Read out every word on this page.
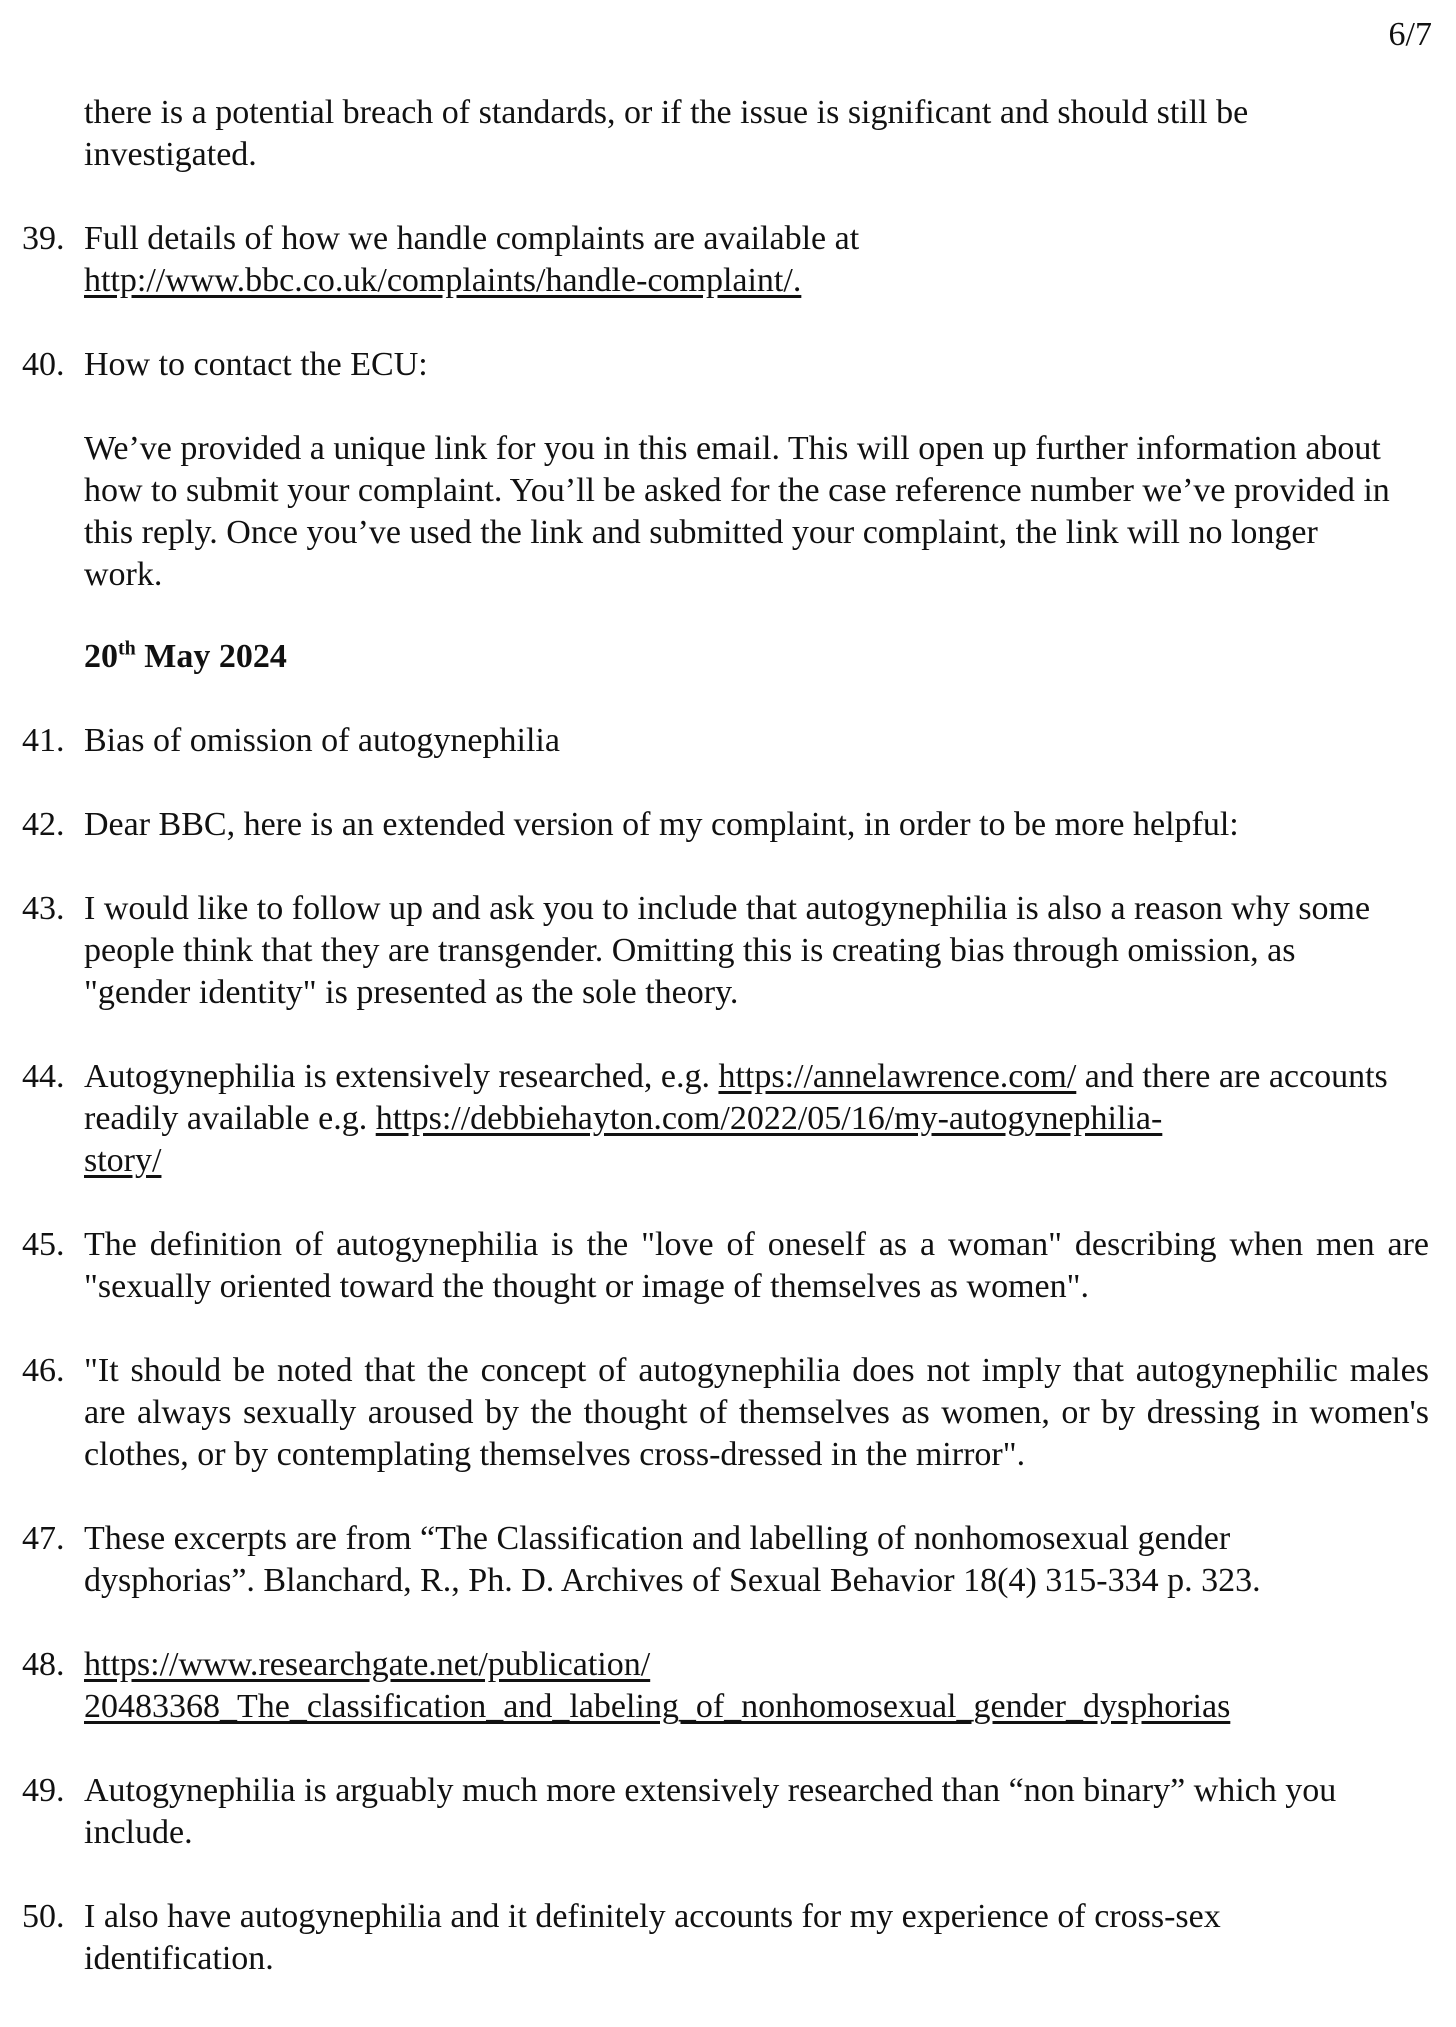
6/7
there is a potential breach of standards, or if the issue is significant and should still be investigated.
39. Full details of how we handle complaints are available at
http://www.bbc.co.uk/complaints/handle-complaint/.
40. How to contact the ECU:
We’ve provided a unique link for you in this email. This will open up further information about how to submit your complaint. You’ll be asked for the case reference number we’ve provided in this reply. Once you’ve used the link and submitted your complaint, the link will no longer work.
20th May 2024
41. Bias of omission of autogynephilia
42. Dear BBC, here is an extended version of my complaint, in order to be more helpful:
43. I would like to follow up and ask you to include that autogynephilia is also a reason why some people think that they are transgender. Omitting this is creating bias through omission, as "gender identity" is presented as the sole theory.
44. Autogynephilia is extensively researched, e.g. https://annelawrence.com/ and there are accounts readily available e.g. https://debbiehayton.com/2022/05/16/my-autogynephilia-
story/
45. The definition of autogynephilia is the "love of oneself as a woman" describing when men are "sexually oriented toward the thought or image of themselves as women".
46. "It should be noted that the concept of autogynephilia does not imply that autogynephilic males are always sexually aroused by the thought of themselves as women, or by dressing in women's clothes, or by contemplating themselves cross-dressed in the mirror".
47. These excerpts are from “The Classification and labelling of nonhomosexual gender dysphorias”. Blanchard, R., Ph. D. Archives of Sexual Behavior 18(4) 315-334 p. 323.
48. https://www.researchgate.net/publication/
20483368_The_classification_and_labeling_of_nonhomosexual_gender_dysphorias
49. Autogynephilia is arguably much more extensively researched than “non binary” which you include.
50. I also have autogynephilia and it definitely accounts for my experience of cross-sex identification.
